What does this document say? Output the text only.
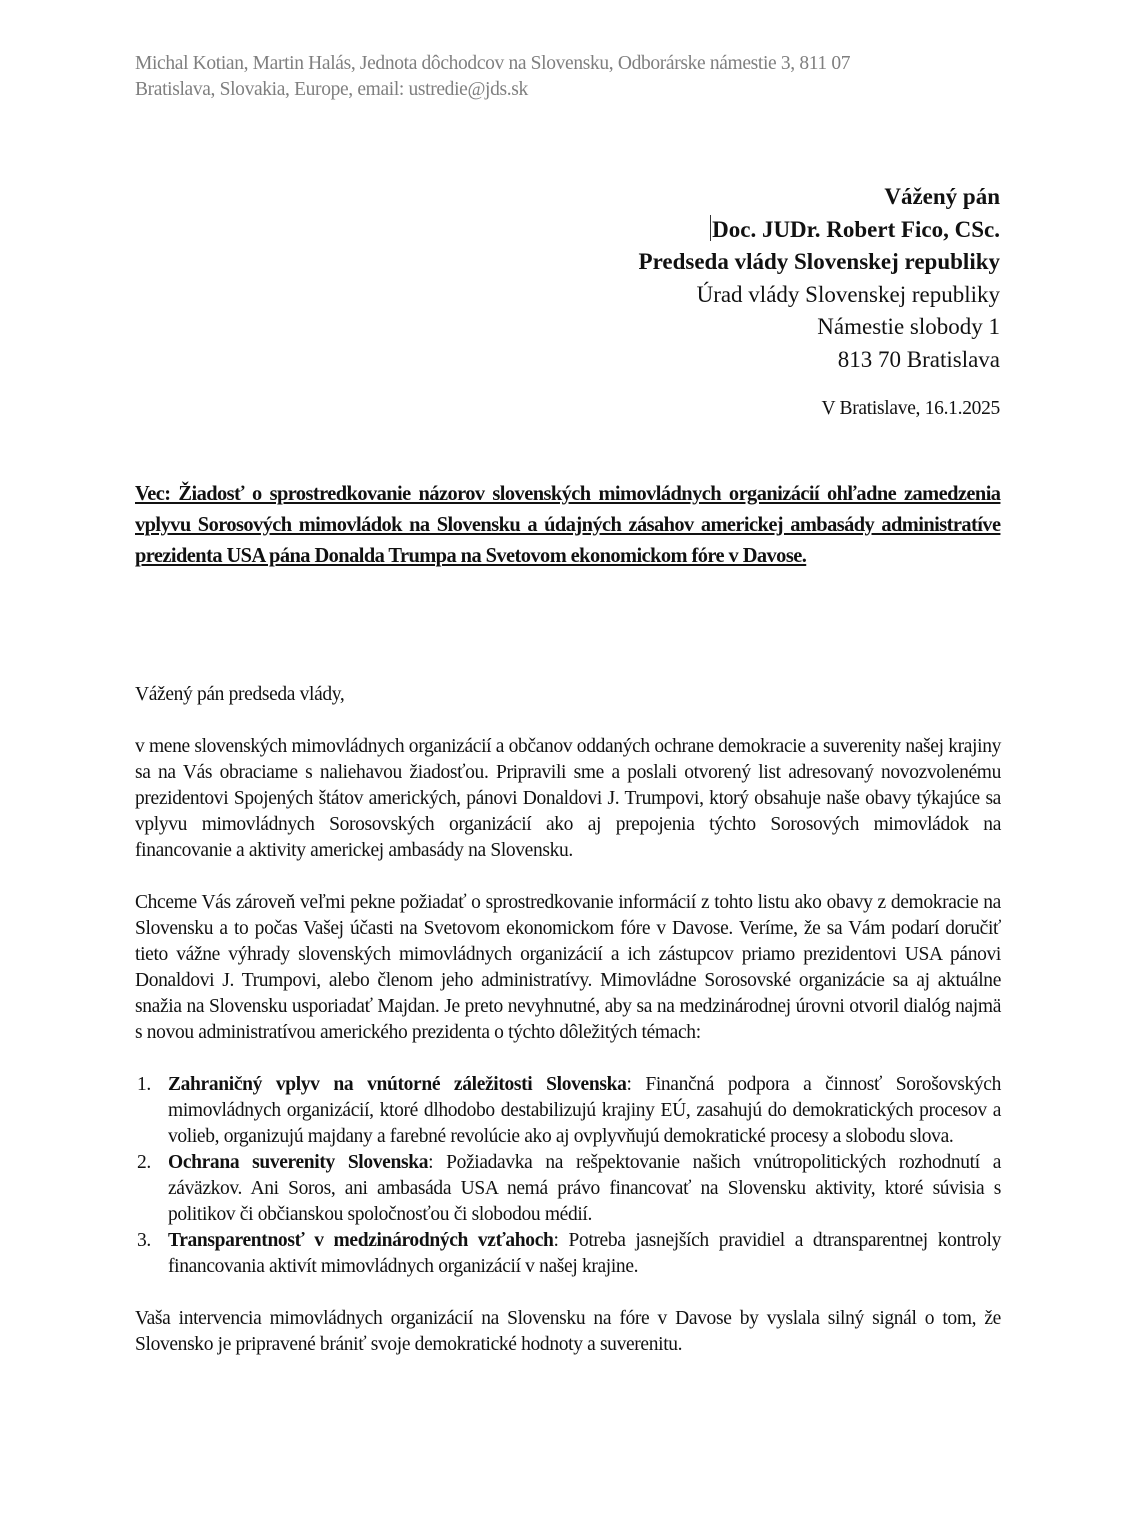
Michal Kotian, Martin Halás, Jednota dôchodcov na Slovensku, Odborárske námestie 3, 811 07
Bratislava, Slovakia, Europe, email: ustredie@jds.sk
Vážený pán
Doc. JUDr. Robert Fico, CSc.
Predseda vlády Slovenskej republiky
Úrad vlády Slovenskej republiky
Námestie slobody 1
813 70 Bratislava
V Bratislave, 16.1.2025
Vec: Žiadosť o sprostredkovanie názorov slovenských mimovládnych organizácií ohľadne zamedzenia vplyvu Sorosových mimovládok na Slovensku a údajných zásahov americkej ambasády administratíve prezidenta USA pána Donalda Trumpa na Svetovom ekonomickom fóre v Davose.

Vážený pán predseda vlády,

v mene slovenských mimovládnych organizácií a občanov oddaných ochrane demokracie a suverenity našej krajiny sa na Vás obraciame s naliehavou žiadosťou. Pripravili sme a poslali otvorený list adresovaný novozvolenému prezidentovi Spojených štátov amerických, pánovi Donaldovi J. Trumpovi, ktorý obsahuje naše obavy týkajúce sa vplyvu mimovládnych Sorosovských organizácií ako aj prepojenia týchto Sorosových mimovládok na financovanie a aktivity americkej ambasády na Slovensku.

Chceme Vás zároveň veľmi pekne požiadať o sprostredkovanie informácií z tohto listu ako obavy z demokracie na Slovensku a to počas Vašej účasti na Svetovom ekonomickom fóre v Davose. Veríme, že sa Vám podarí doručiť tieto vážne výhrady slovenských mimovládnych organizácií a ich zástupcov priamo prezidentovi USA pánovi Donaldovi J. Trumpovi, alebo členom jeho administratívy. Mimovládne Sorosovské organizácie sa aj aktuálne snažia na Slovensku usporiadať Majdan. Je preto nevyhnutné, aby sa na medzinárodnej úrovni otvoril dialóg najmä s novou administratívou amerického prezidenta o týchto dôležitých témach:

1. Zahraničný vplyv na vnútorné záležitosti Slovenska: Finančná podpora a činnosť Sorošovských mimovládnych organizácií, ktoré dlhodobo destabilizujú krajiny EÚ, zasahujú do demokratických procesov a volieb, organizujú majdany a farebné revolúcie ako aj ovplyvňujú demokratické procesy a slobodu slova.
2. Ochrana suverenity Slovenska: Požiadavka na rešpektovanie našich vnútropolitických rozhodnutí a záväzkov. Ani Soros, ani ambasáda USA nemá právo financovať na Slovensku aktivity, ktoré súvisia s politikov či občianskou spoločnosťou či slobodou médií.
3. Transparentnosť v medzinárodných vzťahoch: Potreba jasnejších pravidiel a dtransparentnej kontroly financovania aktivít mimovládnych organizácií v našej krajine.

Vaša intervencia mimovládnych organizácií na Slovensku na fóre v Davose by vyslala silný signál o tom, že Slovensko je pripravené brániť svoje demokratické hodnoty a suverenitu.
